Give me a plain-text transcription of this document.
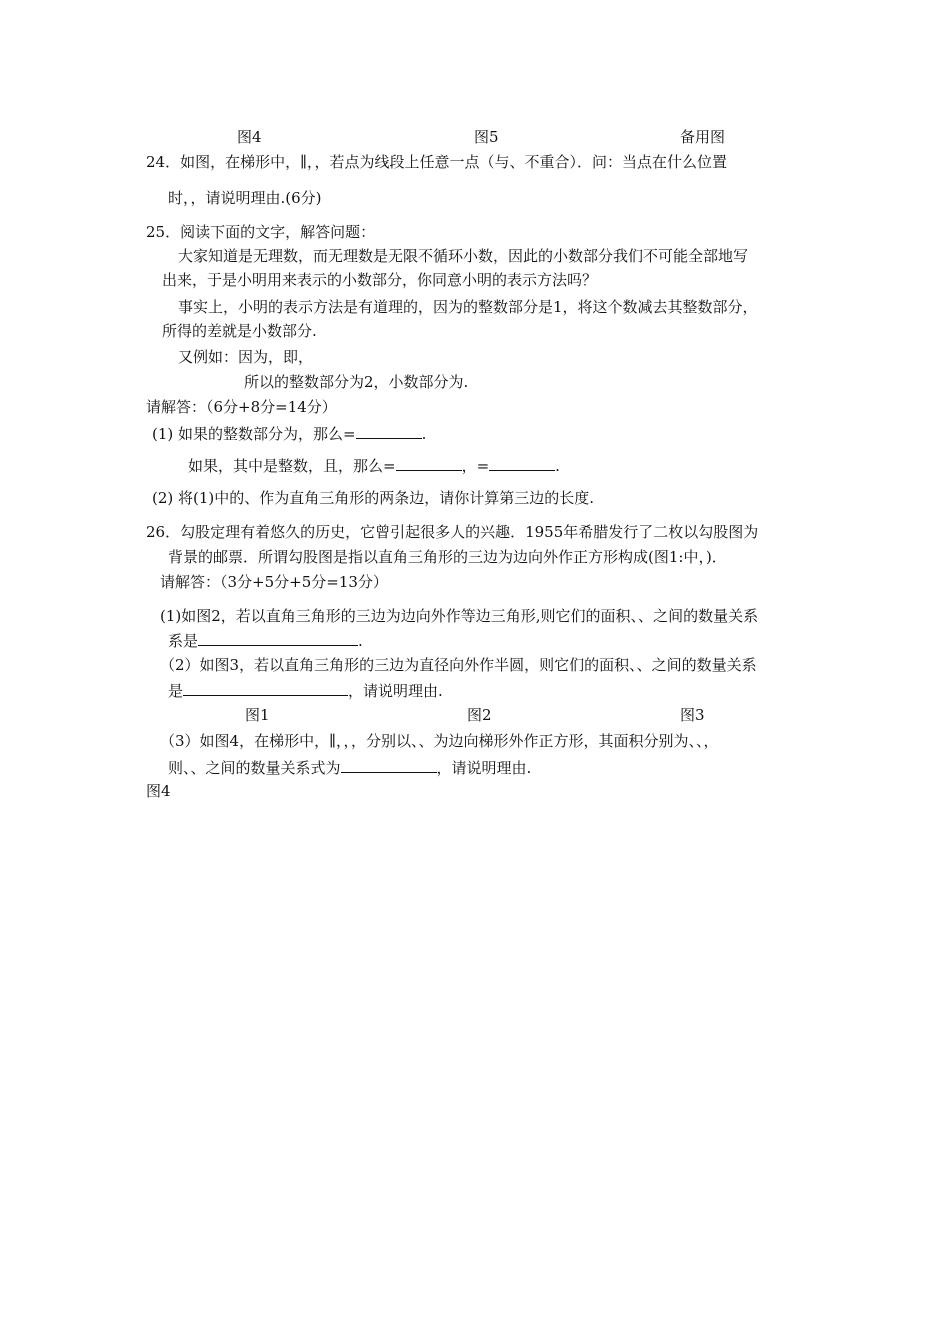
图4	图5	备用图
24．如图，在梯形中，∥，，若点为线段上任意一点（与、不重合）．问：当点在什么位置
时，，请说明理由.(6分)
25．阅读下面的文字，解答问题：
大家知道是无理数，而无理数是无限不循环小数，因此的小数部分我们不可能全部地写
出来，于是小明用来表示的小数部分，你同意小明的表示方法吗？
事实上，小明的表示方法是有道理的，因为的整数部分是1，将这个数减去其整数部分，
所得的差就是小数部分.
又例如：因为，即，
所以的整数部分为2，小数部分为.
请解答：（6分+8分=14分）
(1) 如果的整数部分为，那么=	.
如果，其中是整数，且，那么=	，=	.
(2) 将(1)中的、作为直角三角形的两条边，请你计算第三边的长度.
26．勾股定理有着悠久的历史，它曾引起很多人的兴趣．1955年希腊发行了二枚以勾股图为
背景的邮票．所谓勾股图是指以直角三角形的三边为边向外作正方形构成(图1:中，)．
请解答：（3分+5分+5分=13分）
(1)如图2，若以直角三角形的三边为边向外作等边三角形,则它们的面积、、之间的数量关系
系是	.
（2）如图3，若以直角三角形的三边为直径向外作半圆，则它们的面积、、之间的数量关系
是	，请说明理由.
图1	图2	图3
（3）如图4，在梯形中，∥，，，分别以、、为边向梯形外作正方形，其面积分别为、、，
则、、之间的数量关系式为	，请说明理由.
图4
